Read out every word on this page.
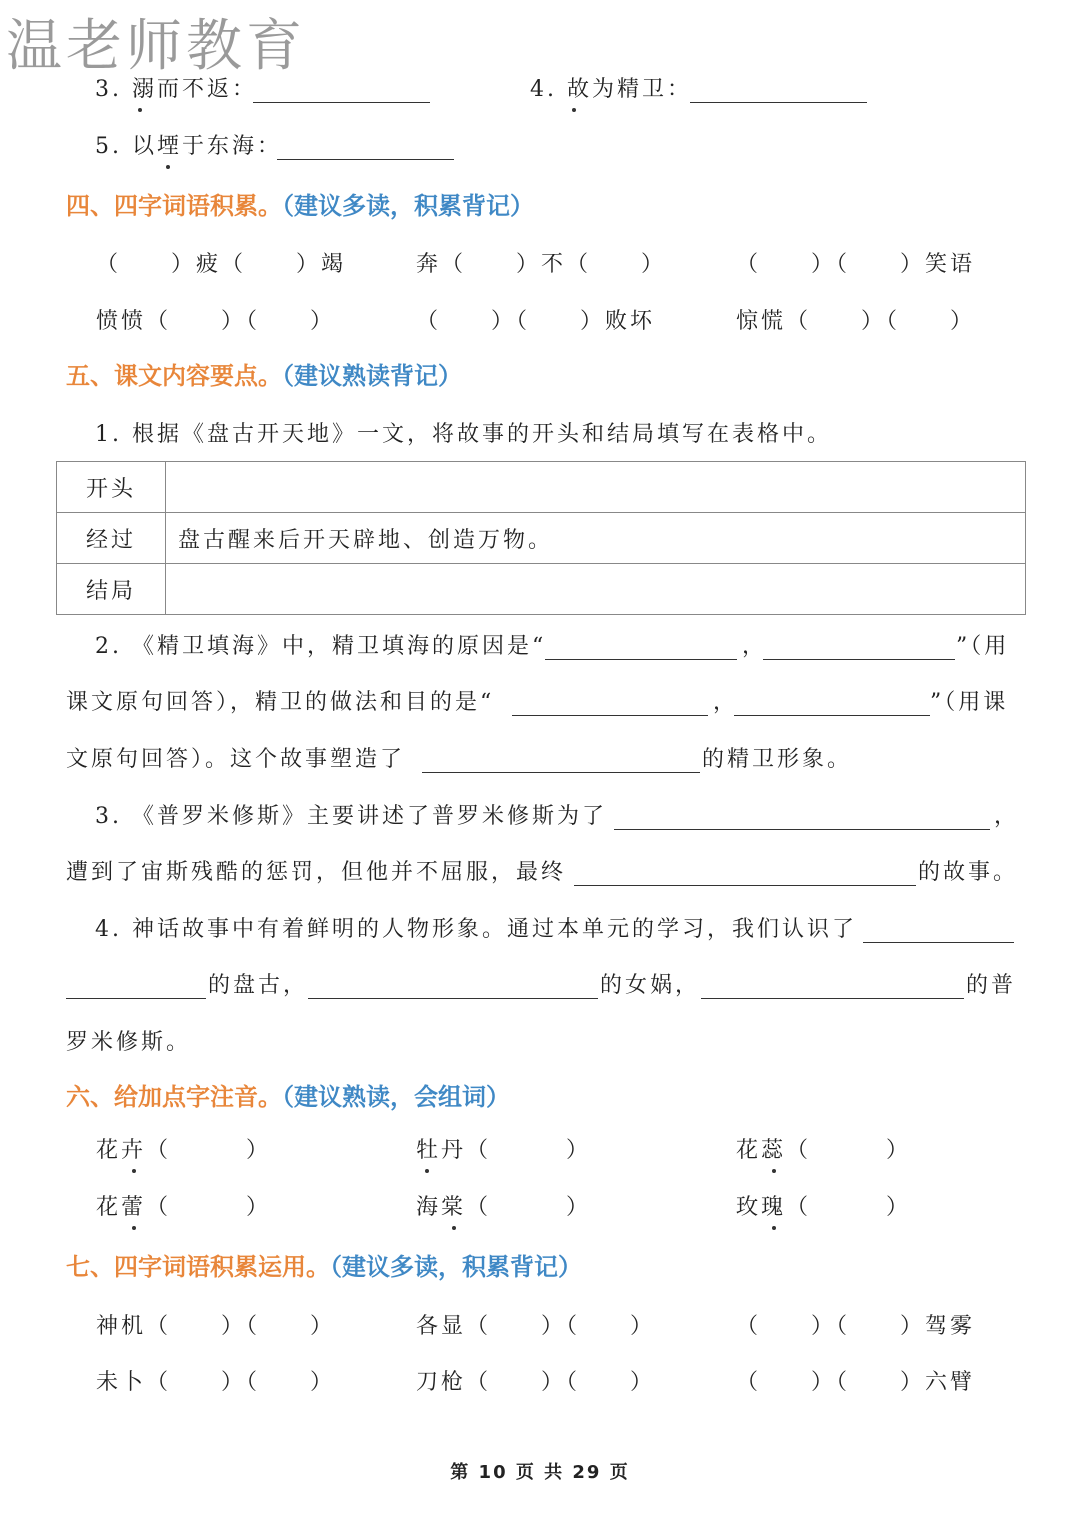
温老师教育
3. 溺而不返：	4. 故为精卫：
5. 以堙于东海：
四、四字词语积累。（建议多读，积累背记）
（　　）疲（　　）竭	奔（　　）不（　　）	（　　）（　　）笑语
愤愤（　　）（　　）	（　　）（　　）败坏	惊慌（　　）（　　）
五、课文内容要点。（建议熟读背记）
1. 根据《盘古开天地》一文，将故事的开头和结局填写在表格中。
开头	
经过	盘古醒来后开天辟地、创造万物。
结局	
2. 《精卫填海》中，精卫填海的原因是“	，	”（用
课文原句回答），精卫的做法和目的是“	，	”（用课
文原句回答）。这个故事塑造了	的精卫形象。
3. 《普罗米修斯》主要讲述了普罗米修斯为了	，
遭到了宙斯残酷的惩罚，但他并不屈服，最终	的故事。
4. 神话故事中有着鲜明的人物形象。通过本单元的学习，我们认识了
的盘古，	的女娲，	的普
罗米修斯。
六、给加点字注音。（建议熟读，会组词）
花卉（　　　）	牡丹（　　　）	花蕊（　　　）
花蕾（　　　）	海棠（　　　）	玫瑰（　　　）
七、四字词语积累运用。（建议多读，积累背记）
神机（　　）（　　）	各显（　　）（　　）	（　　）（　　）驾雾
未卜（　　）（　　）	刀枪（　　）（　　）	（　　）（　　）六臂
第 10 页 共 29 页
